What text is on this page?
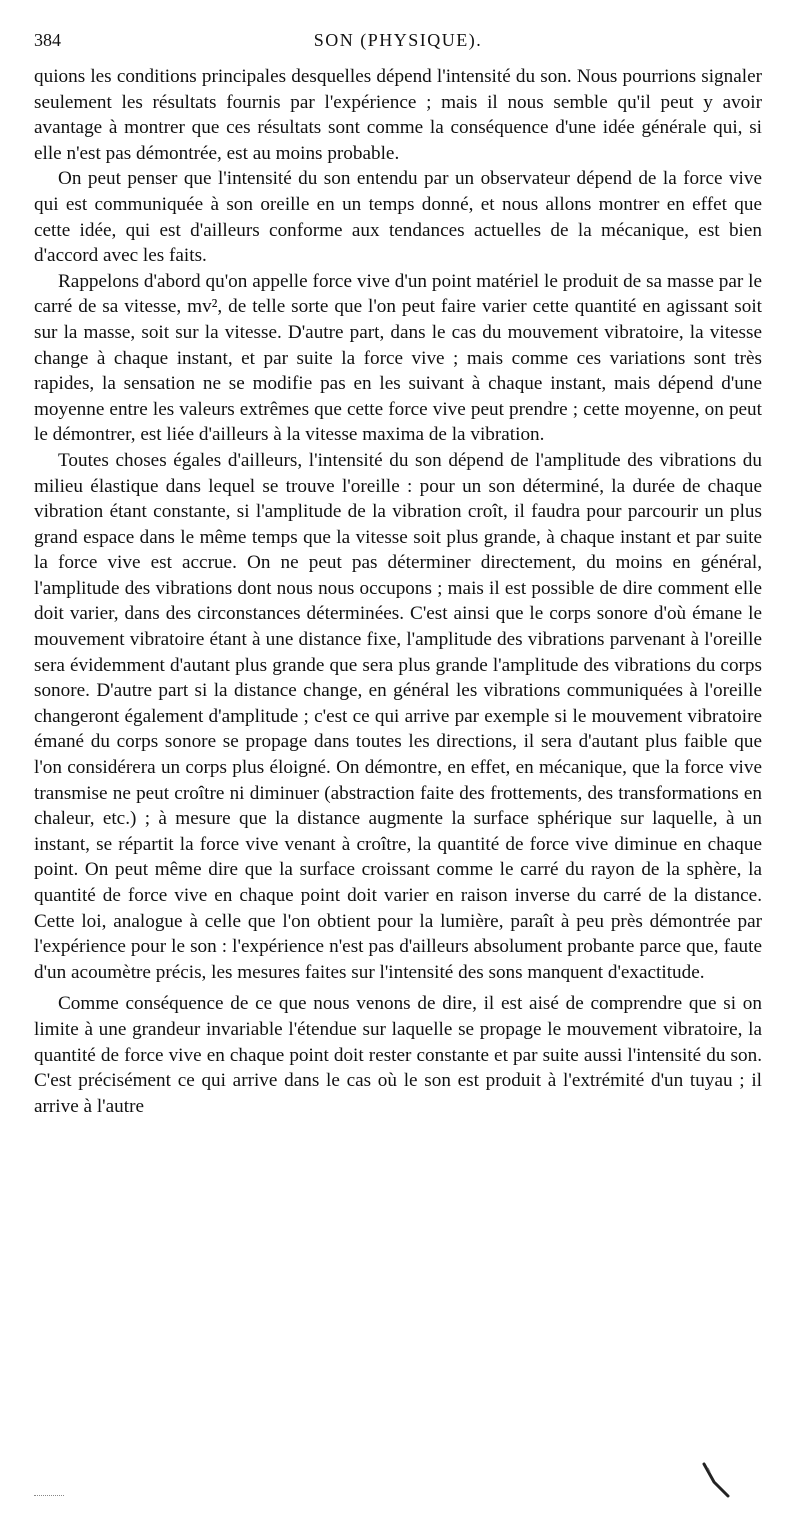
384	SON (PHYSIQUE).

quions les conditions principales desquelles dépend l'intensité du son. Nous pourrions signaler seulement les résultats fournis par l'expérience ; mais il nous semble qu'il peut y avoir avantage à montrer que ces résultats sont comme la conséquence d'une idée générale qui, si elle n'est pas démontrée, est au moins probable.

On peut penser que l'intensité du son entendu par un observateur dépend de la force vive qui est communiquée à son oreille en un temps donné, et nous allons montrer en effet que cette idée, qui est d'ailleurs conforme aux tendances actuelles de la mécanique, est bien d'accord avec les faits.

Rappelons d'abord qu'on appelle force vive d'un point matériel le produit de sa masse par le carré de sa vitesse, mv², de telle sorte que l'on peut faire varier cette quantité en agissant soit sur la masse, soit sur la vitesse. D'autre part, dans le cas du mouvement vibratoire, la vitesse change à chaque instant, et par suite la force vive ; mais comme ces variations sont très rapides, la sensation ne se modifie pas en les suivant à chaque instant, mais dépend d'une moyenne entre les valeurs extrêmes que cette force vive peut prendre ; cette moyenne, on peut le démontrer, est liée d'ailleurs à la vitesse maxima de la vibration.

Toutes choses égales d'ailleurs, l'intensité du son dépend de l'amplitude des vibrations du milieu élastique dans lequel se trouve l'oreille : pour un son déterminé, la durée de chaque vibration étant constante, si l'amplitude de la vibration croît, il faudra pour parcourir un plus grand espace dans le même temps que la vitesse soit plus grande, à chaque instant et par suite la force vive est accrue. On ne peut pas déterminer directement, du moins en général, l'amplitude des vibrations dont nous nous occupons ; mais il est possible de dire comment elle doit varier, dans des circonstances déterminées. C'est ainsi que le corps sonore d'où émane le mouvement vibratoire étant à une distance fixe, l'amplitude des vibrations parvenant à l'oreille sera évidemment d'autant plus grande que sera plus grande l'amplitude des vibrations du corps sonore. D'autre part si la distance change, en général les vibrations communiquées à l'oreille changeront également d'amplitude ; c'est ce qui arrive par exemple si le mouvement vibratoire émané du corps sonore se propage dans toutes les directions, il sera d'autant plus faible que l'on considérera un corps plus éloigné. On démontre, en effet, en mécanique, que la force vive transmise ne peut croître ni diminuer (abstraction faite des frottements, des transformations en chaleur, etc.) ; à mesure que la distance augmente la surface sphérique sur laquelle, à un instant, se répartit la force vive venant à croître, la quantité de force vive diminue en chaque point. On peut même dire que la surface croissant comme le carré du rayon de la sphère, la quantité de force vive en chaque point doit varier en raison inverse du carré de la distance. Cette loi, analogue à celle que l'on obtient pour la lumière, paraît à peu près démontrée par l'expérience pour le son : l'expérience n'est pas d'ailleurs absolument probante parce que, faute d'un acoumètre précis, les mesures faites sur l'intensité des sons manquent d'exactitude.

Comme conséquence de ce que nous venons de dire, il est aisé de comprendre que si on limite à une grandeur invariable l'étendue sur laquelle se propage le mouvement vibratoire, la quantité de force vive en chaque point doit rester constante et par suite aussi l'intensité du son. C'est précisément ce qui arrive dans le cas où le son est produit à l'extrémité d'un tuyau ; il arrive à l'autre
